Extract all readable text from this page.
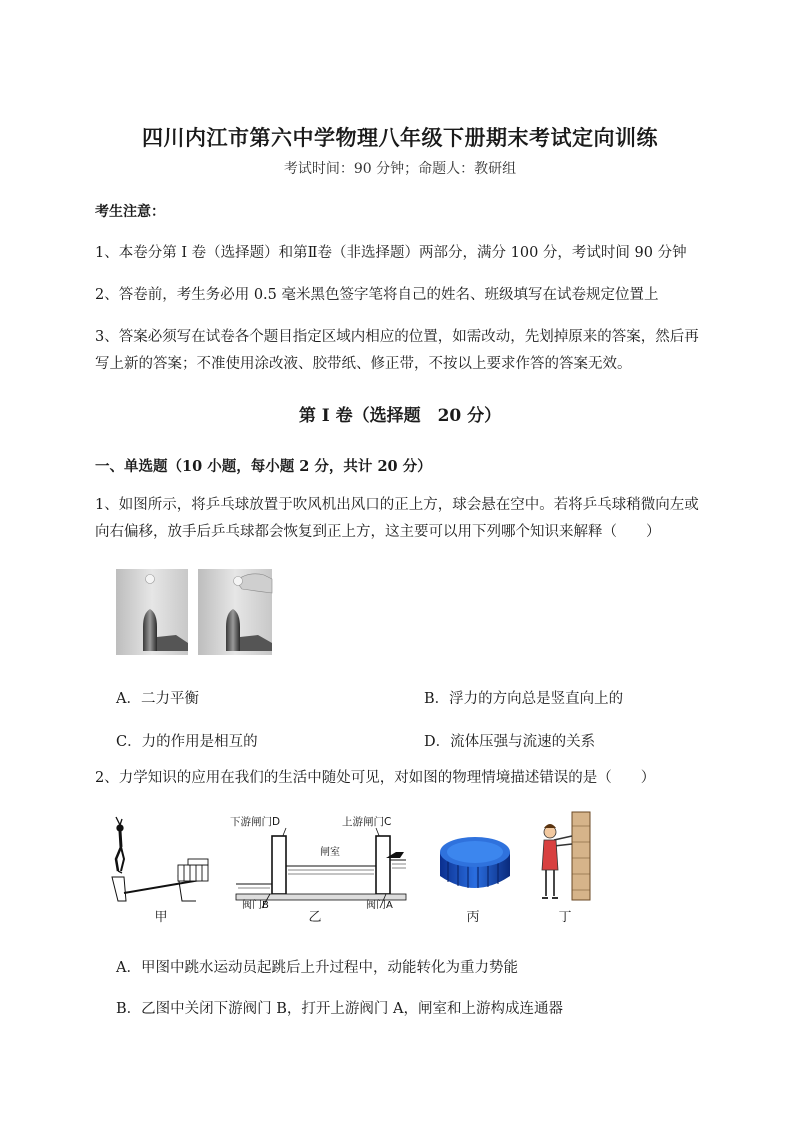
四川内江市第六中学物理八年级下册期末考试定向训练
考试时间：90 分钟；命题人：教研组
考生注意：
1、本卷分第 I 卷（选择题）和第Ⅱ卷（非选择题）两部分，满分 100 分，考试时间 90 分钟
2、答卷前，考生务必用 0.5 毫米黑色签字笔将自己的姓名、班级填写在试卷规定位置上
3、答案必须写在试卷各个题目指定区域内相应的位置，如需改动，先划掉原来的答案，然后再写上新的答案；不准使用涂改液、胶带纸、修正带，不按以上要求作答的答案无效。
第 I 卷（选择题　20 分）
一、单选题（10 小题，每小题 2 分，共计 20 分）
1、如图所示，将乒乓球放置于吹风机出风口的正上方，球会悬在空中。若将乒乓球稍微向左或向右偏移，放手后乒乓球都会恢复到正上方，这主要可以用下列哪个知识来解释（　　）
A．二力平衡	B．浮力的方向总是竖直向上的
C．力的作用是相互的	D．流体压强与流速的关系
2、力学知识的应用在我们的生活中随处可见，对如图的物理情境描述错误的是（　　）
甲
下游闸门D	上游闸门C
闸室
阀门B	阀门A
乙	丙	丁
A．甲图中跳水运动员起跳后上升过程中，动能转化为重力势能
B．乙图中关闭下游阀门 B，打开上游阀门 A，闸室和上游构成连通器
